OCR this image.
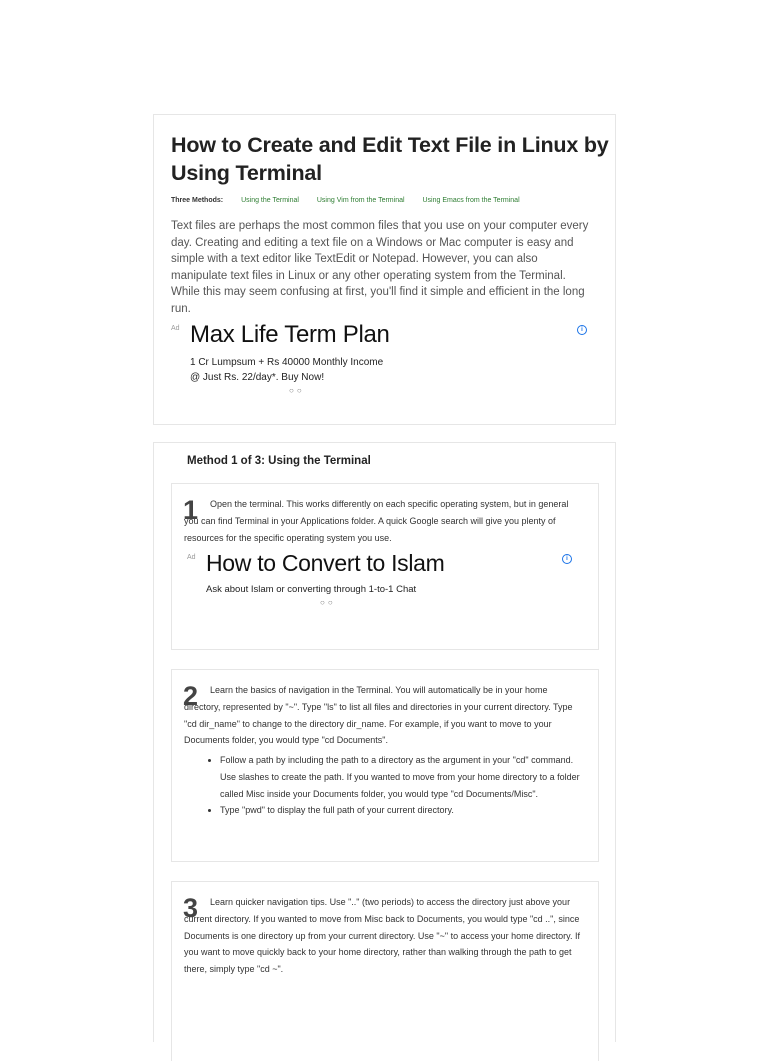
How to Create and Edit Text File in Linux by Using Terminal
Three Methods:	Using the Terminal	Using Vim from the Terminal	Using Emacs from the Terminal

Text files are perhaps the most common files that you use on your computer every day. Creating and editing a text file on a Windows or Mac computer is easy and simple with a text editor like TextEdit or Notepad. However, you can also manipulate text files in Linux or any other operating system from the Terminal. While this may seem confusing at first, you'll find it simple and efficient in the long run.

Ad Max Life Term Plan
1 Cr Lumpsum + Rs 40000 Monthly Income
@ Just Rs. 22/day*. Buy Now!
i
○○
Method 1 of 3: Using the Terminal
1	Open the terminal. This works differently on each specific operating system, but in general you can find Terminal in your Applications folder. A quick Google search will give you plenty of resources for the specific operating system you use.

Ad How to Convert to Islam
Ask about Islam or converting through 1-to-1 Chat
i
○○
2	Learn the basics of navigation in the Terminal. You will automatically be in your home directory, represented by "~". Type "ls" to list all files and directories in your current directory. Type "cd dir_name" to change to the directory dir_name. For example, if you want to move to your Documents folder, you would type "cd Documents".

• Follow a path by including the path to a directory as the argument in your "cd" command. Use slashes to create the path. If you wanted to move from your home directory to a folder called Misc inside your Documents folder, you would type "cd Documents/Misc".
• Type "pwd" to display the full path of your current directory.
3	Learn quicker navigation tips. Use ".." (two periods) to access the directory just above your current directory. If you wanted to move from Misc back to Documents, you would type "cd ..", since Documents is one directory up from your current directory. Use "~" to access your home directory. If you want to move quickly back to your home directory, rather than walking through the path to get there, simply type "cd ~".
